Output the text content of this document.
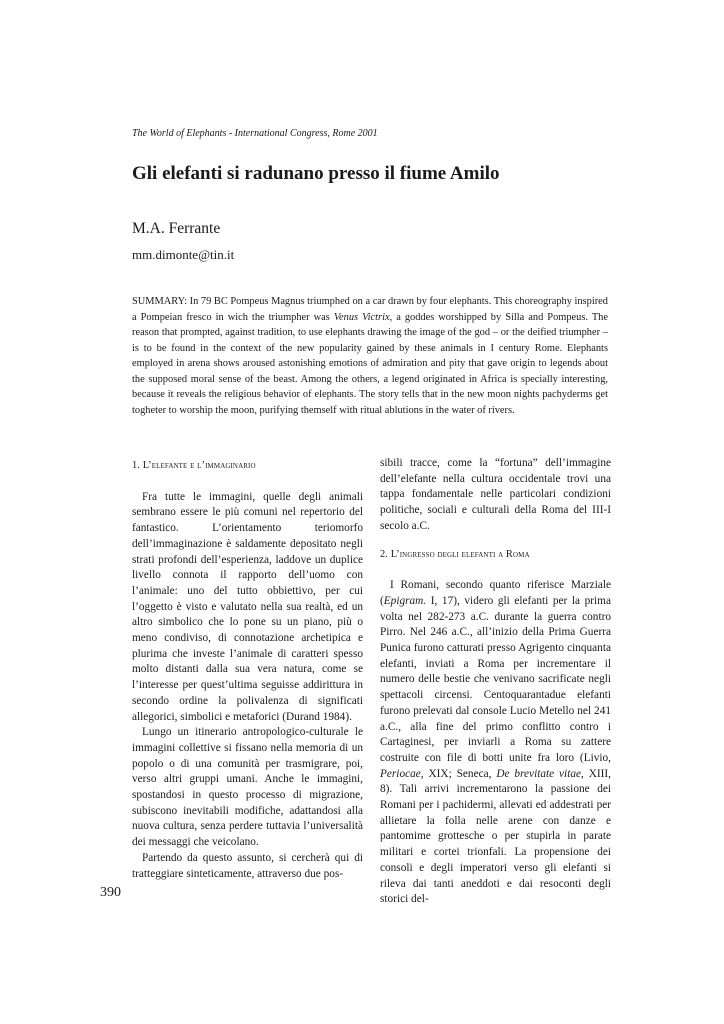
The World of Elephants - International Congress, Rome 2001
Gli elefanti si radunano presso il fiume Amilo
M.A. Ferrante
mm.dimonte@tin.it
SUMMARY: In 79 BC Pompeus Magnus triumphed on a car drawn by four elephants. This choreography inspired a Pompeian fresco in wich the triumpher was Venus Victrix, a goddes worshipped by Silla and Pompeus. The reason that prompted, against tradition, to use elephants drawing the image of the god – or the deified triumpher – is to be found in the context of the new popularity gained by these animals in I century Rome. Elephants employed in arena shows aroused astonishing emotions of admiration and pity that gave origin to legends about the supposed moral sense of the beast. Among the others, a legend originated in Africa is specially interesting, because it reveals the religious behavior of elephants. The story tells that in the new moon nights pachyderms get togheter to worship the moon, purifying themself with ritual ablutions in the water of rivers.
1. L’elefante e l’immaginario

Fra tutte le immagini, quelle degli animali sembrano essere le più comuni nel repertorio del fantastico. L’orientamento teriomorfo dell’immaginazione è saldamente depositato negli strati profondi dell’esperienza, laddove un duplice livello connota il rapporto dell’uomo con l’animale: uno del tutto obbiettivo, per cui l’oggetto è visto e valutato nella sua realtà, ed un altro simbolico che lo pone su un piano, più o meno condiviso, di connotazione archetipica e plurima che investe l’animale di caratteri spesso molto distanti dalla sua vera natura, come se l’interesse per quest’ultima seguisse addirittura in secondo ordine la polivalenza di significati allegorici, simbolici e metaforici (Durand 1984).

Lungo un itinerario antropologico-culturale le immagini collettive si fissano nella memoria di un popolo o di una comunità per trasmigrare, poi, verso altri gruppi umani. Anche le immagini, spostandosi in questo processo di migrazione, subiscono inevitabili modifiche, adattandosi alla nuova cultura, senza perdere tuttavia l’universalità dei messaggi che veicolano.

Partendo da questo assunto, si cercherà qui di tratteggiare sinteticamente, attraverso due pos-

sibili tracce, come la “fortuna” dell’immagine dell’elefante nella cultura occidentale trovi una tappa fondamentale nelle particolari condizioni politiche, sociali e culturali della Roma del III-I secolo a.C.

2. L’ingresso degli elefanti a Roma

I Romani, secondo quanto riferisce Marziale (Epigram. I, 17), videro gli elefanti per la prima volta nel 282-273 a.C. durante la guerra contro Pirro. Nel 246 a.C., all’inizio della Prima Guerra Punica furono catturati presso Agrigento cinquanta elefanti, inviati a Roma per incrementare il numero delle bestie che venivano sacrificate negli spettacoli circensi. Centoquarantadue elefanti furono prelevati dal console Lucio Metello nel 241 a.C., alla fine del primo conflitto contro i Cartaginesi, per inviarli a Roma su zattere costruite con file di botti unite fra loro (Livio, Periocae, XIX; Seneca, De brevitate vitae, XIII, 8). Tali arrivi incrementarono la passione dei Romani per i pachidermi, allevati ed addestrati per allietare la folla nelle arene con danze e pantomime grottesche o per stupirla in parate militari e cortei trionfali. La propensione dei consoli e degli imperatori verso gli elefanti si rileva dai tanti aneddoti e dai resoconti degli storici del-

390
